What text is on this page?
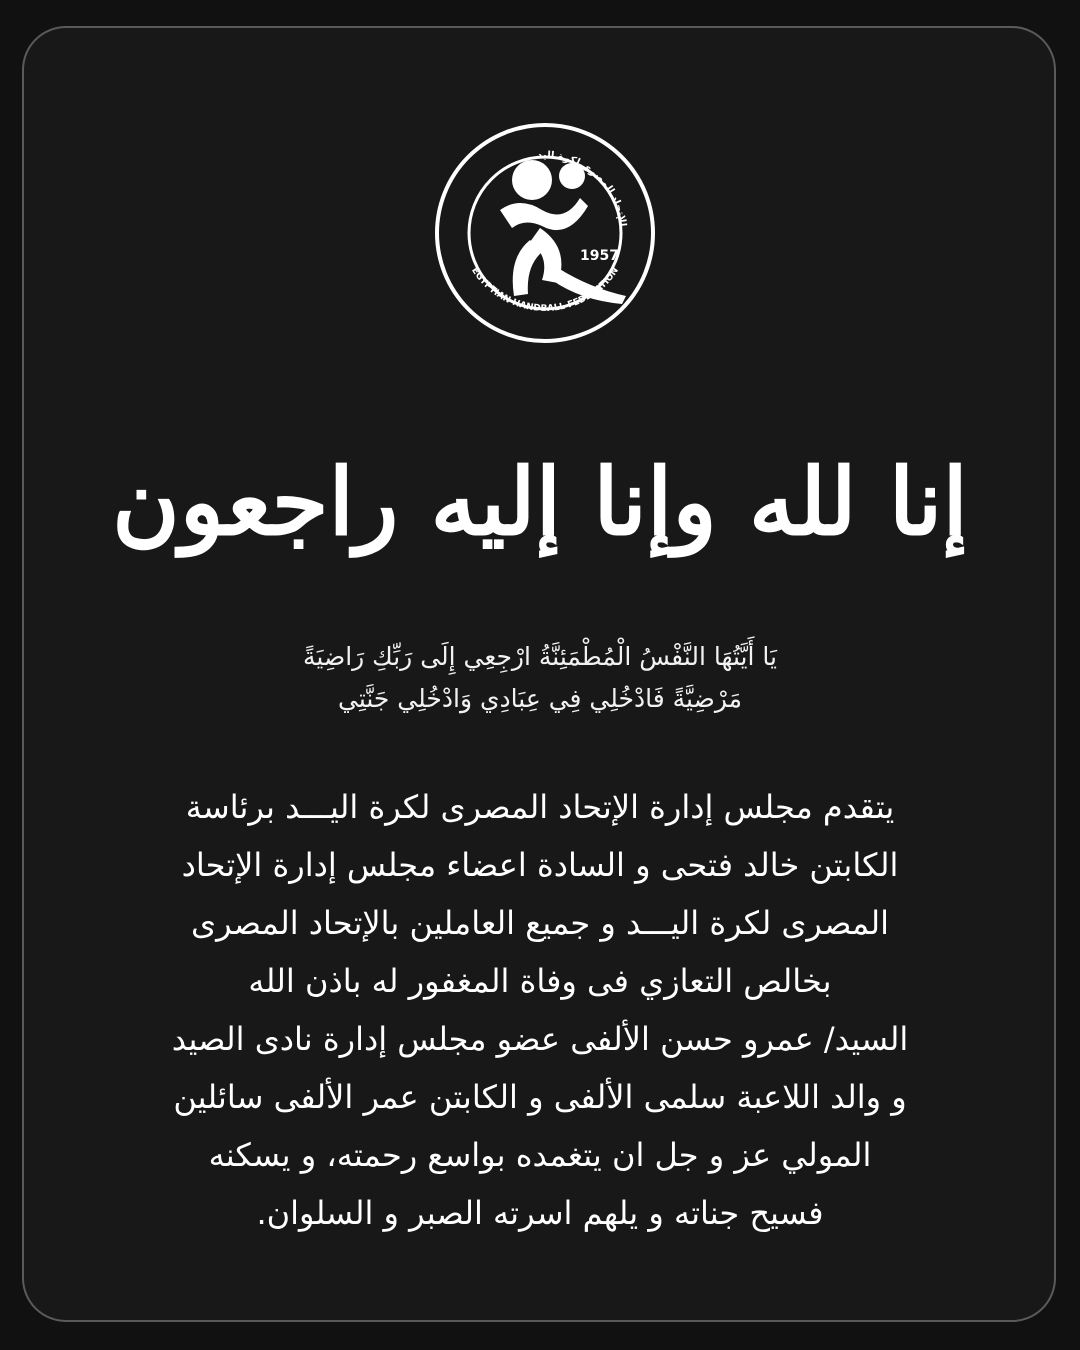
1957
EGYPTIAN HANDBALL FEDERATION
الإتحاد المصرى لكرة اليد
إنا لله وإنا إليه راجعون
يَا أَيَّتُهَا النَّفْسُ الْمُطْمَئِنَّةُ ارْجِعِي إِلَى رَبِّكِ رَاضِيَةً
مَرْضِيَّةً فَادْخُلِي فِي عِبَادِي وَادْخُلِي جَنَّتِي
يتقدم مجلس إدارة الإتحاد المصرى لكرة اليـــد برئاسة
الكابتن خالد فتحى و السادة اعضاء مجلس إدارة الإتحاد
المصرى لكرة اليـــد و جميع العاملين بالإتحاد المصرى
بخالص التعازي فى وفاة المغفور له باذن الله
السيد/ عمرو حسن الألفى عضو مجلس إدارة نادى الصيد
و والد اللاعبة سلمى الألفى و الكابتن عمر الألفى سائلين
المولي عز و جل ان يتغمده بواسع رحمته، و يسكنه
فسيح جناته و يلهم اسرته الصبر و السلوان.
